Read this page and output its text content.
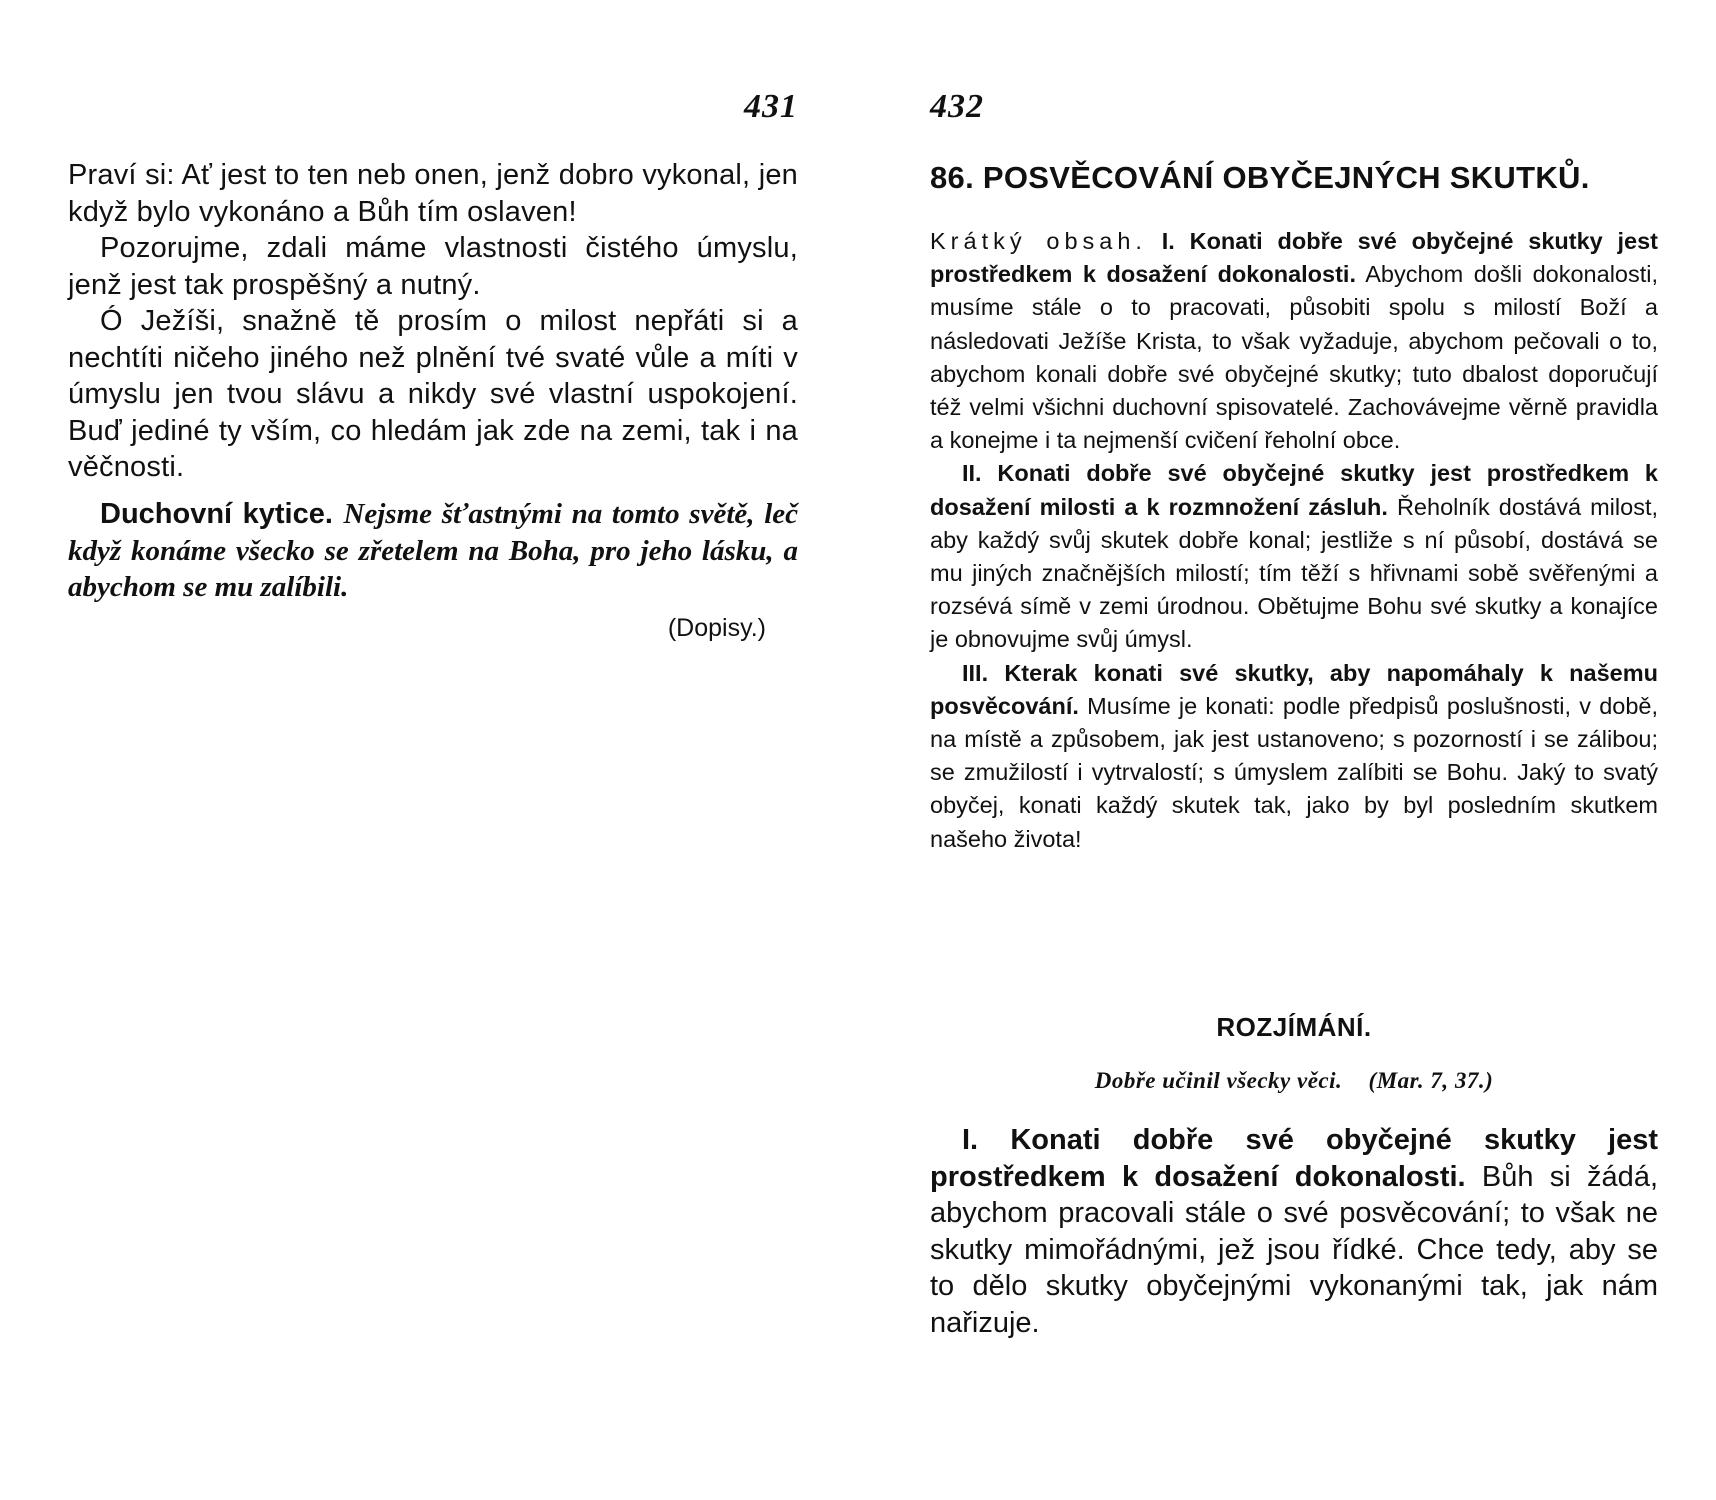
431

Praví si: Ať jest to ten neb onen, jenž dobro vykonal, jen když bylo vykonáno a Bůh tím oslaven!

Pozorujme, zdali máme vlastnosti čistého úmyslu, jenž jest tak prospěšný a nutný.

Ó Ježíši, snažně tě prosím o milost nepřáti si a nechtíti ničeho jiného než plnění tvé svaté vůle a míti v úmyslu jen tvou slávu a nikdy své vlastní uspokojení. Buď jediné ty vším, co hledám jak zde na zemi, tak i na věčnosti.

Duchovní kytice. Nejsme šťastnými na tomto světě, leč když konáme všecko se zřetelem na Boha, pro jeho lásku, a abychom se mu zalíbili.
(Dopisy.)
432
86. POSVĚCOVÁNÍ OBYČEJNÝCH SKUTKŮ.

Krátký obsah. I. Konati dobře své obyčejné skutky jest prostředkem k dosažení dokonalosti. Abychom došli dokonalosti, musíme stále o to pracovati, působiti spolu s milostí Boží a následovati Ježíše Krista, to však vyžaduje, abychom pečovali o to, abychom konali dobře své obyčejné skutky; tuto dbalost doporučují též velmi všichni duchovní spisovatelé. Zachovávejme věrně pravidla a konejme i ta nejmenší cvičení řeholní obce.

II. Konati dobře své obyčejné skutky jest prostředkem k dosažení milosti a k rozmnožení zásluh. Řeholník dostává milost, aby každý svůj skutek dobře konal; jestliže s ní působí, dostává se mu jiných značnějších milostí; tím těží s hřivnami sobě svěřenými a rozsévá símě v zemi úrodnou. Obětujme Bohu své skutky a konajíce je obnovujme svůj úmysl.

III. Kterak konati své skutky, aby napomáhaly k našemu posvěcování. Musíme je konati: podle předpisů poslušnosti, v době, na místě a způsobem, jak jest ustanoveno; s pozorností i se zálibou; se zmužilostí i vytrvalostí; s úmyslem zalíbiti se Bohu. Jaký to svatý obyčej, konati každý skutek tak, jako by byl posledním skutkem našeho života!

ROZJÍMÁNÍ.
Dobře učinil všecky věci. (Mar. 7, 37.)
I. Konati dobře své obyčejné skutky jest prostředkem k dosažení dokonalosti. Bůh si žádá, abychom pracovali stále o své posvěcování; to však ne skutky mimořádnými, jež jsou řídké. Chce tedy, aby se to dělo skutky obyčejnými vykonanými tak, jak nám nařizuje.
